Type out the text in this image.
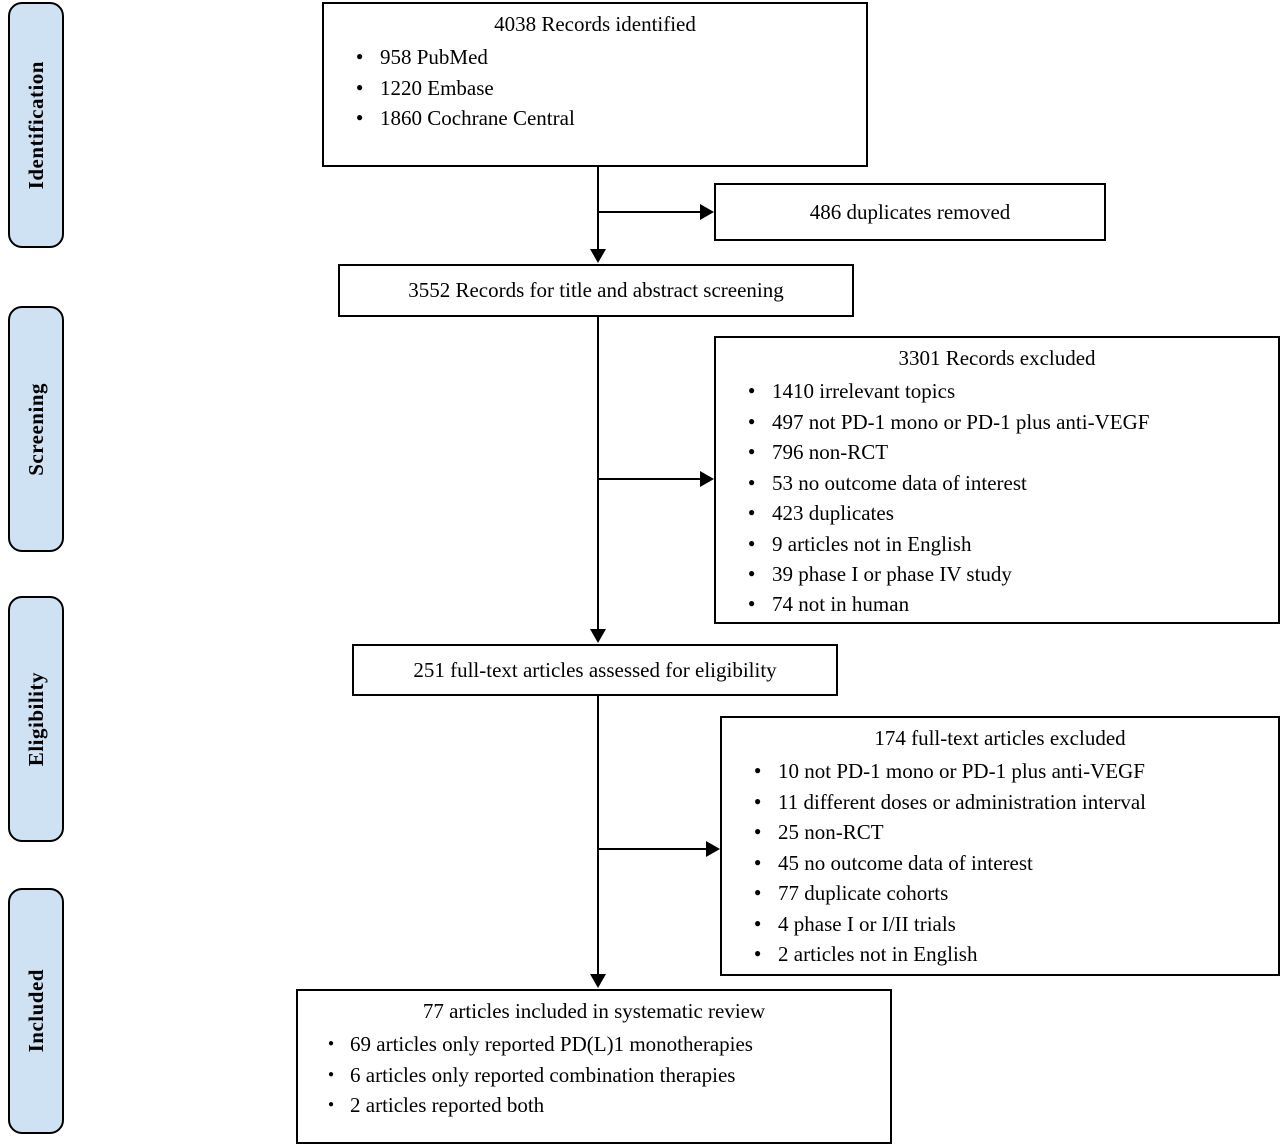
Identification
Screening
Eligibility
Included
4038 Records identified
● 958 PubMed
● 1220 Embase
● 1860 Cochrane Central
486 duplicates removed
3552 Records for title and abstract screening
3301 Records excluded
● 1410 irrelevant topics
● 497 not PD-1 mono or PD-1 plus anti-VEGF
● 796 non-RCT
● 53 no outcome data of interest
● 423 duplicates
● 9 articles not in English
● 39 phase I or phase IV study
● 74 not in human
251 full-text articles assessed for eligibility
174 full-text articles excluded
● 10 not PD-1 mono or PD-1 plus anti-VEGF
● 11 different doses or administration interval
● 25 non-RCT
● 45 no outcome data of interest
● 77 duplicate cohorts
● 4 phase I or I/II trials
● 2 articles not in English
77 articles included in systematic review
● 69 articles only reported PD(L)1 monotherapies
● 6 articles only reported combination therapies
● 2 articles reported both
